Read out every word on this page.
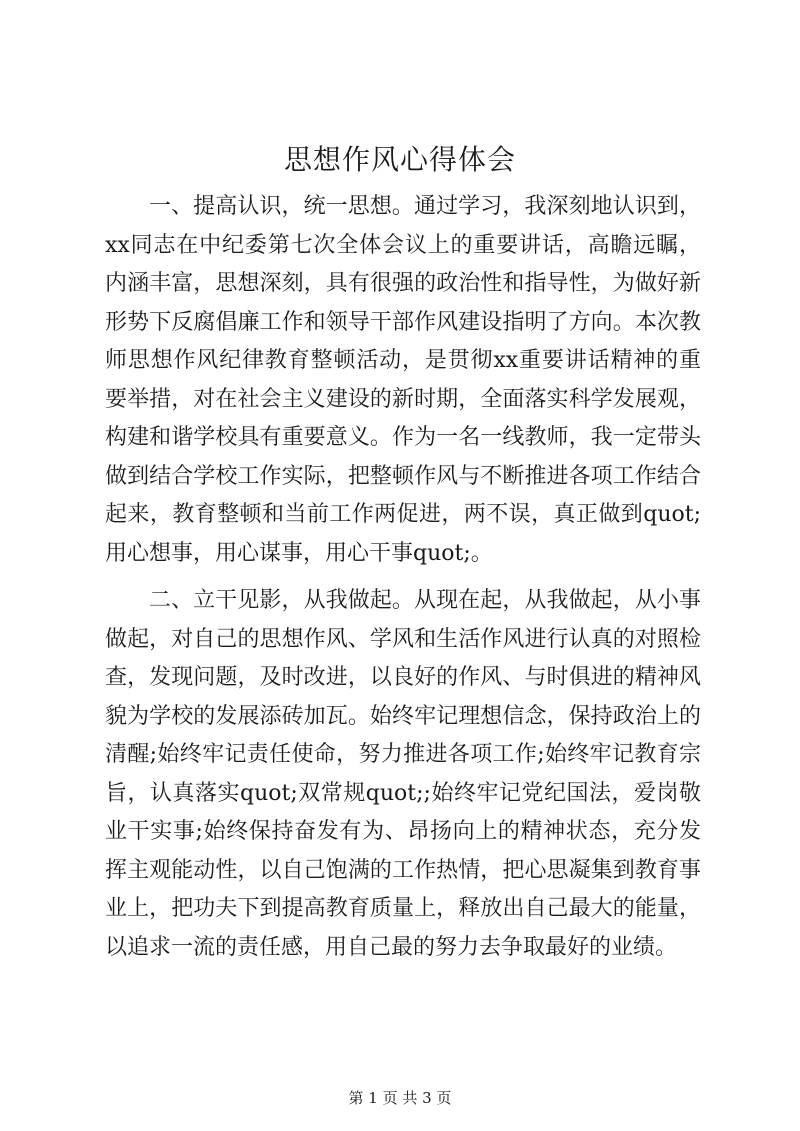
思想作风心得体会

一、提高认识，统一思想。通过学习，我深刻地认识到，xx同志在中纪委第七次全体会议上的重要讲话，高瞻远瞩，内涵丰富，思想深刻，具有很强的政治性和指导性，为做好新形势下反腐倡廉工作和领导干部作风建设指明了方向。本次教师思想作风纪律教育整顿活动，是贯彻xx重要讲话精神的重要举措，对在社会主义建设的新时期，全面落实科学发展观，构建和谐学校具有重要意义。作为一名一线教师，我一定带头做到结合学校工作实际，把整顿作风与不断推进各项工作结合起来，教育整顿和当前工作两促进，两不误，真正做到quot;用心想事，用心谋事，用心干事quot;。

二、立干见影，从我做起。从现在起，从我做起，从小事做起，对自己的思想作风、学风和生活作风进行认真的对照检查，发现问题，及时改进，以良好的作风、与时俱进的精神风貌为学校的发展添砖加瓦。始终牢记理想信念，保持政治上的清醒;始终牢记责任使命，努力推进各项工作;始终牢记教育宗旨，认真落实quot;双常规quot;;始终牢记党纪国法，爱岗敬业干实事;始终保持奋发有为、昂扬向上的精神状态，充分发挥主观能动性，以自己饱满的工作热情，把心思凝集到教育事业上，把功夫下到提高教育质量上，释放出自己最大的能量，以追求一流的责任感，用自己最的努力去争取最好的业绩。

第 1 页 共 3 页
